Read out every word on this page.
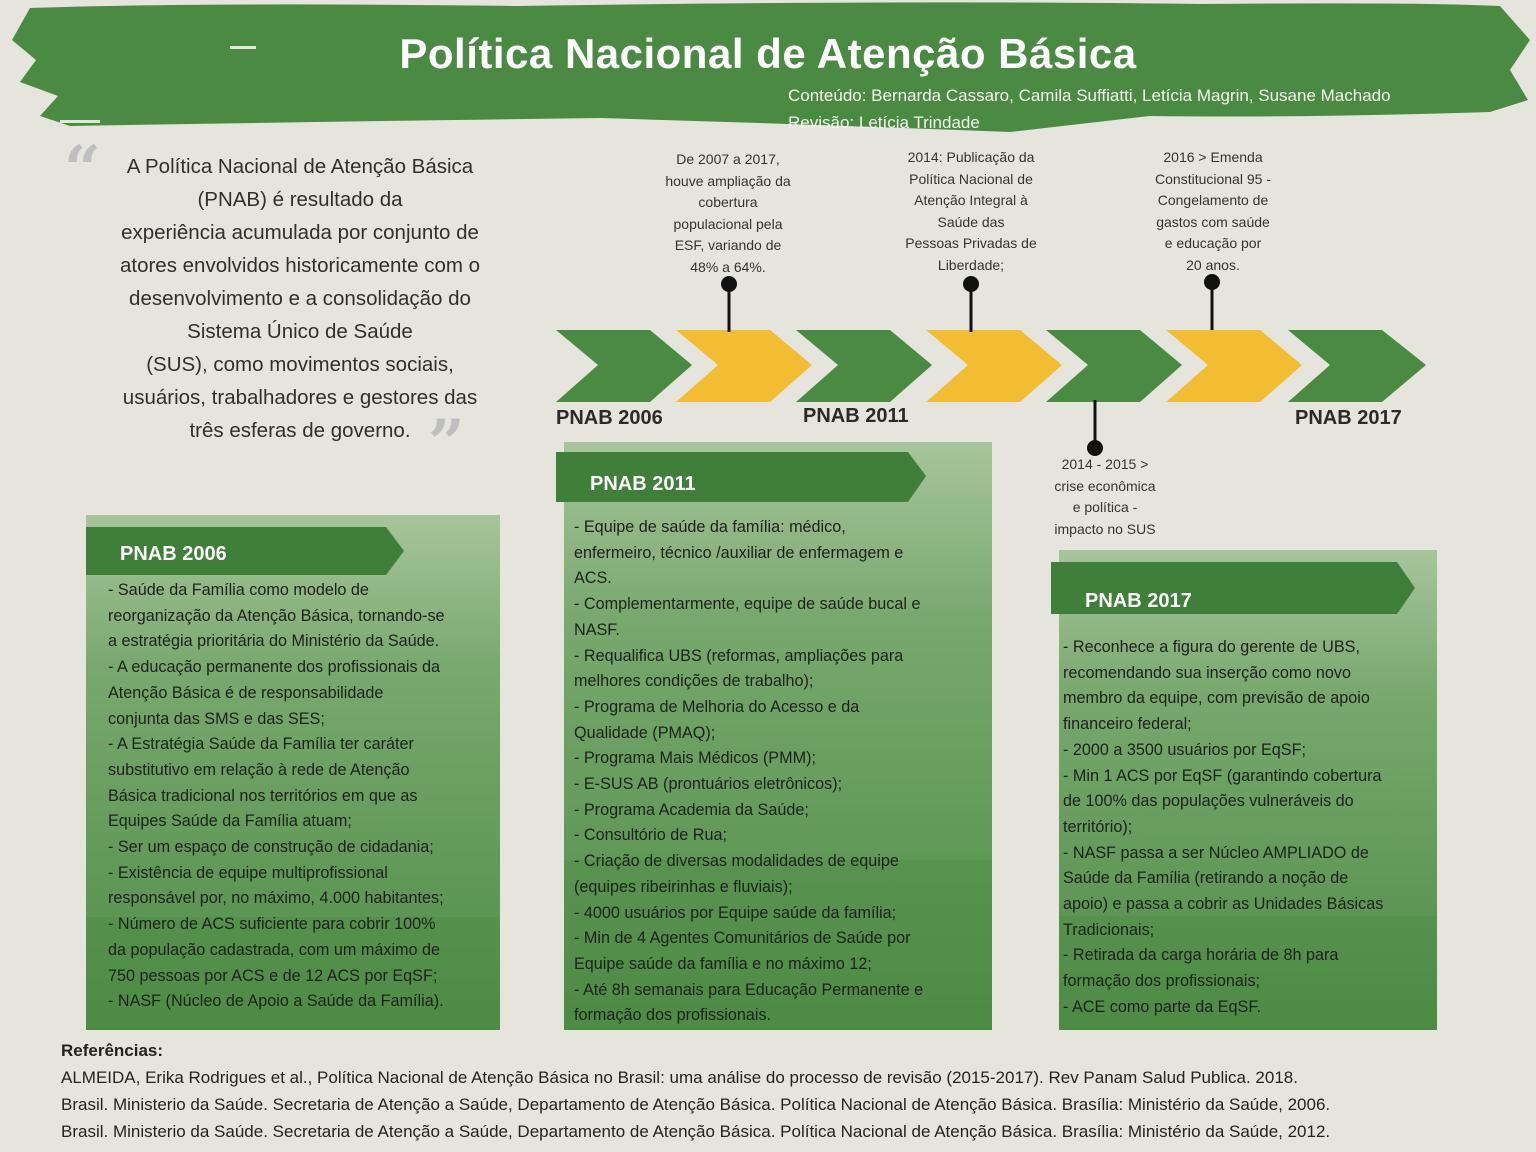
Política Nacional de Atenção Básica
Conteúdo: Bernarda Cassaro, Camila Suffiatti, Letícia Magrin, Susane Machado
Revisão: Letícia Trindade
“	A Política Nacional de Atenção Básica
(PNAB) é resultado da
experiência acumulada por conjunto de
atores envolvidos historicamente com o
desenvolvimento e a consolidação do
Sistema Único de Saúde
(SUS), como movimentos sociais,
usuários, trabalhadores e gestores das
três esferas de governo. ”
De 2007 a 2017,
houve ampliação da
cobertura
populacional pela
ESF, variando de
48% a 64%.
2014: Publicação da
Política Nacional de
Atenção Integral à
Saúde das
Pessoas Privadas de
Liberdade;
2016 > Emenda
Constitucional 95 -
Congelamento de
gastos com saúde
e educação por
20 anos.
2014 - 2015 >
crise econômica
e política -
impacto no SUS
PNAB 2006	PNAB 2011	PNAB 2017
PNAB 2006
- Saúde da Família como modelo de
reorganização da Atenção Básica, tornando-se
a estratégia prioritária do Ministério da Saúde.
- A educação permanente dos profissionais da
Atenção Básica é de responsabilidade
conjunta das SMS e das SES;
- A Estratégia Saúde da Família ter caráter
substitutivo em relação à rede de Atenção
Básica tradicional nos territórios em que as
Equipes Saúde da Família atuam;
- Ser um espaço de construção de cidadania;
- Existência de equipe multiprofissional
responsável por, no máximo, 4.000 habitantes;
- Número de ACS suficiente para cobrir 100%
da população cadastrada, com um máximo de
750 pessoas por ACS e de 12 ACS por EqSF;
- NASF (Núcleo de Apoio a Saúde da Família).
PNAB 2011
- Equipe de saúde da família: médico,
enfermeiro, técnico /auxiliar de enfermagem e
ACS.
- Complementarmente, equipe de saúde bucal e
NASF.
- Requalifica UBS (reformas, ampliações para
melhores condições de trabalho);
- Programa de Melhoria do Acesso e da
Qualidade (PMAQ);
- Programa Mais Médicos (PMM);
- E-SUS AB (prontuários eletrônicos);
- Programa Academia da Saúde;
- Consultório de Rua;
- Criação de diversas modalidades de equipe
(equipes ribeirinhas e fluviais);
- 4000 usuários por Equipe saúde da família;
- Min de 4 Agentes Comunitários de Saúde por
Equipe saúde da família e no máximo 12;
- Até 8h semanais para Educação Permanente e
formação dos profissionais.
PNAB 2017
- Reconhece a figura do gerente de UBS,
recomendando sua inserção como novo
membro da equipe, com previsão de apoio
financeiro federal;
- 2000 a 3500 usuários por EqSF;
- Min 1 ACS por EqSF (garantindo cobertura
de 100% das populações vulneráveis do
território);
- NASF passa a ser Núcleo AMPLIADO de
Saúde da Família (retirando a noção de
apoio) e passa a cobrir as Unidades Básicas
Tradicionais;
- Retirada da carga horária de 8h para
formação dos profissionais;
- ACE como parte da EqSF.
Referências:
ALMEIDA, Erika Rodrigues et al., Política Nacional de Atenção Básica no Brasil: uma análise do processo de revisão (2015-2017). Rev Panam Salud Publica. 2018.
Brasil. Ministerio da Saúde. Secretaria de Atenção a Saúde, Departamento de Atenção Básica. Política Nacional de Atenção Básica. Brasília: Ministério da Saúde, 2006.
Brasil. Ministerio da Saúde. Secretaria de Atenção a Saúde, Departamento de Atenção Básica. Política Nacional de Atenção Básica. Brasília: Ministério da Saúde, 2012.
